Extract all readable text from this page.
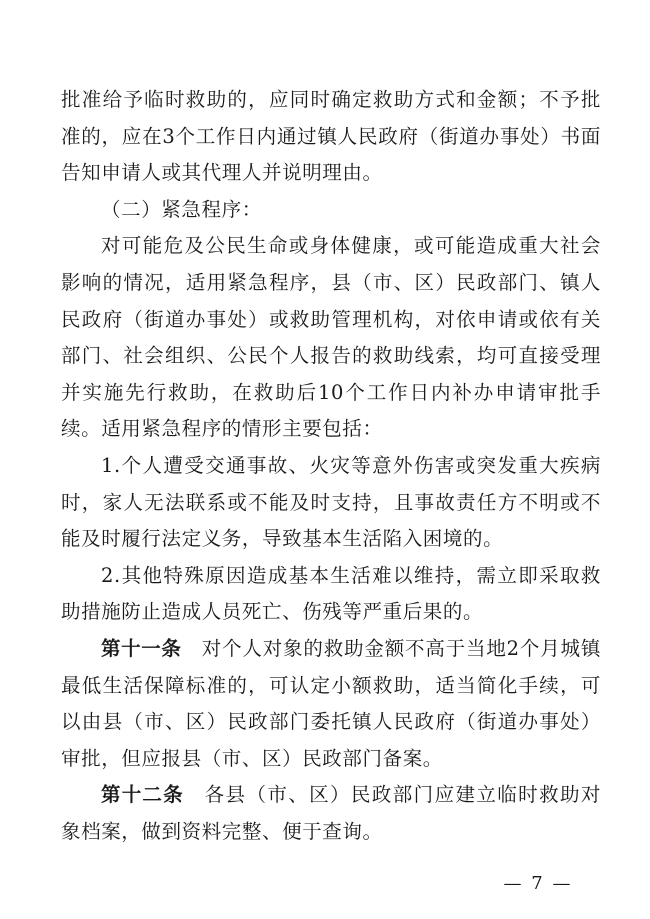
批准给予临时救助的，应同时确定救助方式和金额；不予批准的，应在3个工作日内通过镇人民政府（街道办事处）书面告知申请人或其代理人并说明理由。

（二）紧急程序：

对可能危及公民生命或身体健康，或可能造成重大社会影响的情况，适用紧急程序，县（市、区）民政部门、镇人民政府（街道办事处）或救助管理机构，对依申请或依有关部门、社会组织、公民个人报告的救助线索，均可直接受理并实施先行救助，在救助后10个工作日内补办申请审批手续。适用紧急程序的情形主要包括：

1.个人遭受交通事故、火灾等意外伤害或突发重大疾病时，家人无法联系或不能及时支持，且事故责任方不明或不能及时履行法定义务，导致基本生活陷入困境的。

2.其他特殊原因造成基本生活难以维持，需立即采取救助措施防止造成人员死亡、伤残等严重后果的。

第十一条 对个人对象的救助金额不高于当地2个月城镇最低生活保障标准的，可认定小额救助，适当简化手续，可以由县（市、区）民政部门委托镇人民政府（街道办事处）审批，但应报县（市、区）民政部门备案。

第十二条 各县（市、区）民政部门应建立临时救助对象档案，做到资料完整、便于查询。

— 7 —
